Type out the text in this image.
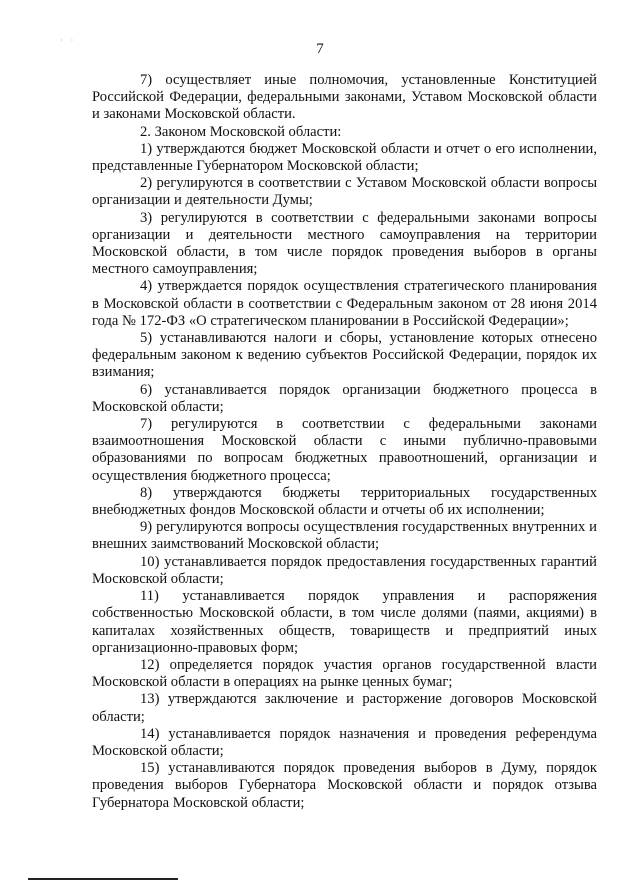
· ·
7

7) осуществляет иные полномочия, установленные Конституцией Российской Федерации, федеральными законами, Уставом Московской области и законами Московской области.

2. Законом Московской области:

1) утверждаются бюджет Московской области и отчет о его исполнении, представленные Губернатором Московской области;

2) регулируются в соответствии с Уставом Московской области вопросы организации и деятельности Думы;

3) регулируются в соответствии с федеральными законами вопросы организации и деятельности местного самоуправления на территории Московской области, в том числе порядок проведения выборов в органы местного самоуправления;

4) утверждается порядок осуществления стратегического планирования в Московской области в соответствии с Федеральным законом от 28 июня 2014 года № 172-ФЗ «О стратегическом планировании в Российской Федерации»;

5) устанавливаются налоги и сборы, установление которых отнесено федеральным законом к ведению субъектов Российской Федерации, порядок их взимания;

6) устанавливается порядок организации бюджетного процесса в Московской области;

7) регулируются в соответствии с федеральными законами взаимоотношения Московской области с иными публично-правовыми образованиями по вопросам бюджетных правоотношений, организации и осуществления бюджетного процесса;

8) утверждаются бюджеты территориальных государственных внебюджетных фондов Московской области и отчеты об их исполнении;

9) регулируются вопросы осуществления государственных внутренних и внешних заимствований Московской области;

10) устанавливается порядок предоставления государственных гарантий Московской области;

11) устанавливается порядок управления и распоряжения собственностью Московской области, в том числе долями (паями, акциями) в капиталах хозяйственных обществ, товариществ и предприятий иных организационно-правовых форм;

12) определяется порядок участия органов государственной власти Московской области в операциях на рынке ценных бумаг;

13) утверждаются заключение и расторжение договоров Московской области;

14) устанавливается порядок назначения и проведения референдума Московской области;

15) устанавливаются порядок проведения выборов в Думу, порядок проведения выборов Губернатора Московской области и порядок отзыва Губернатора Московской области;
